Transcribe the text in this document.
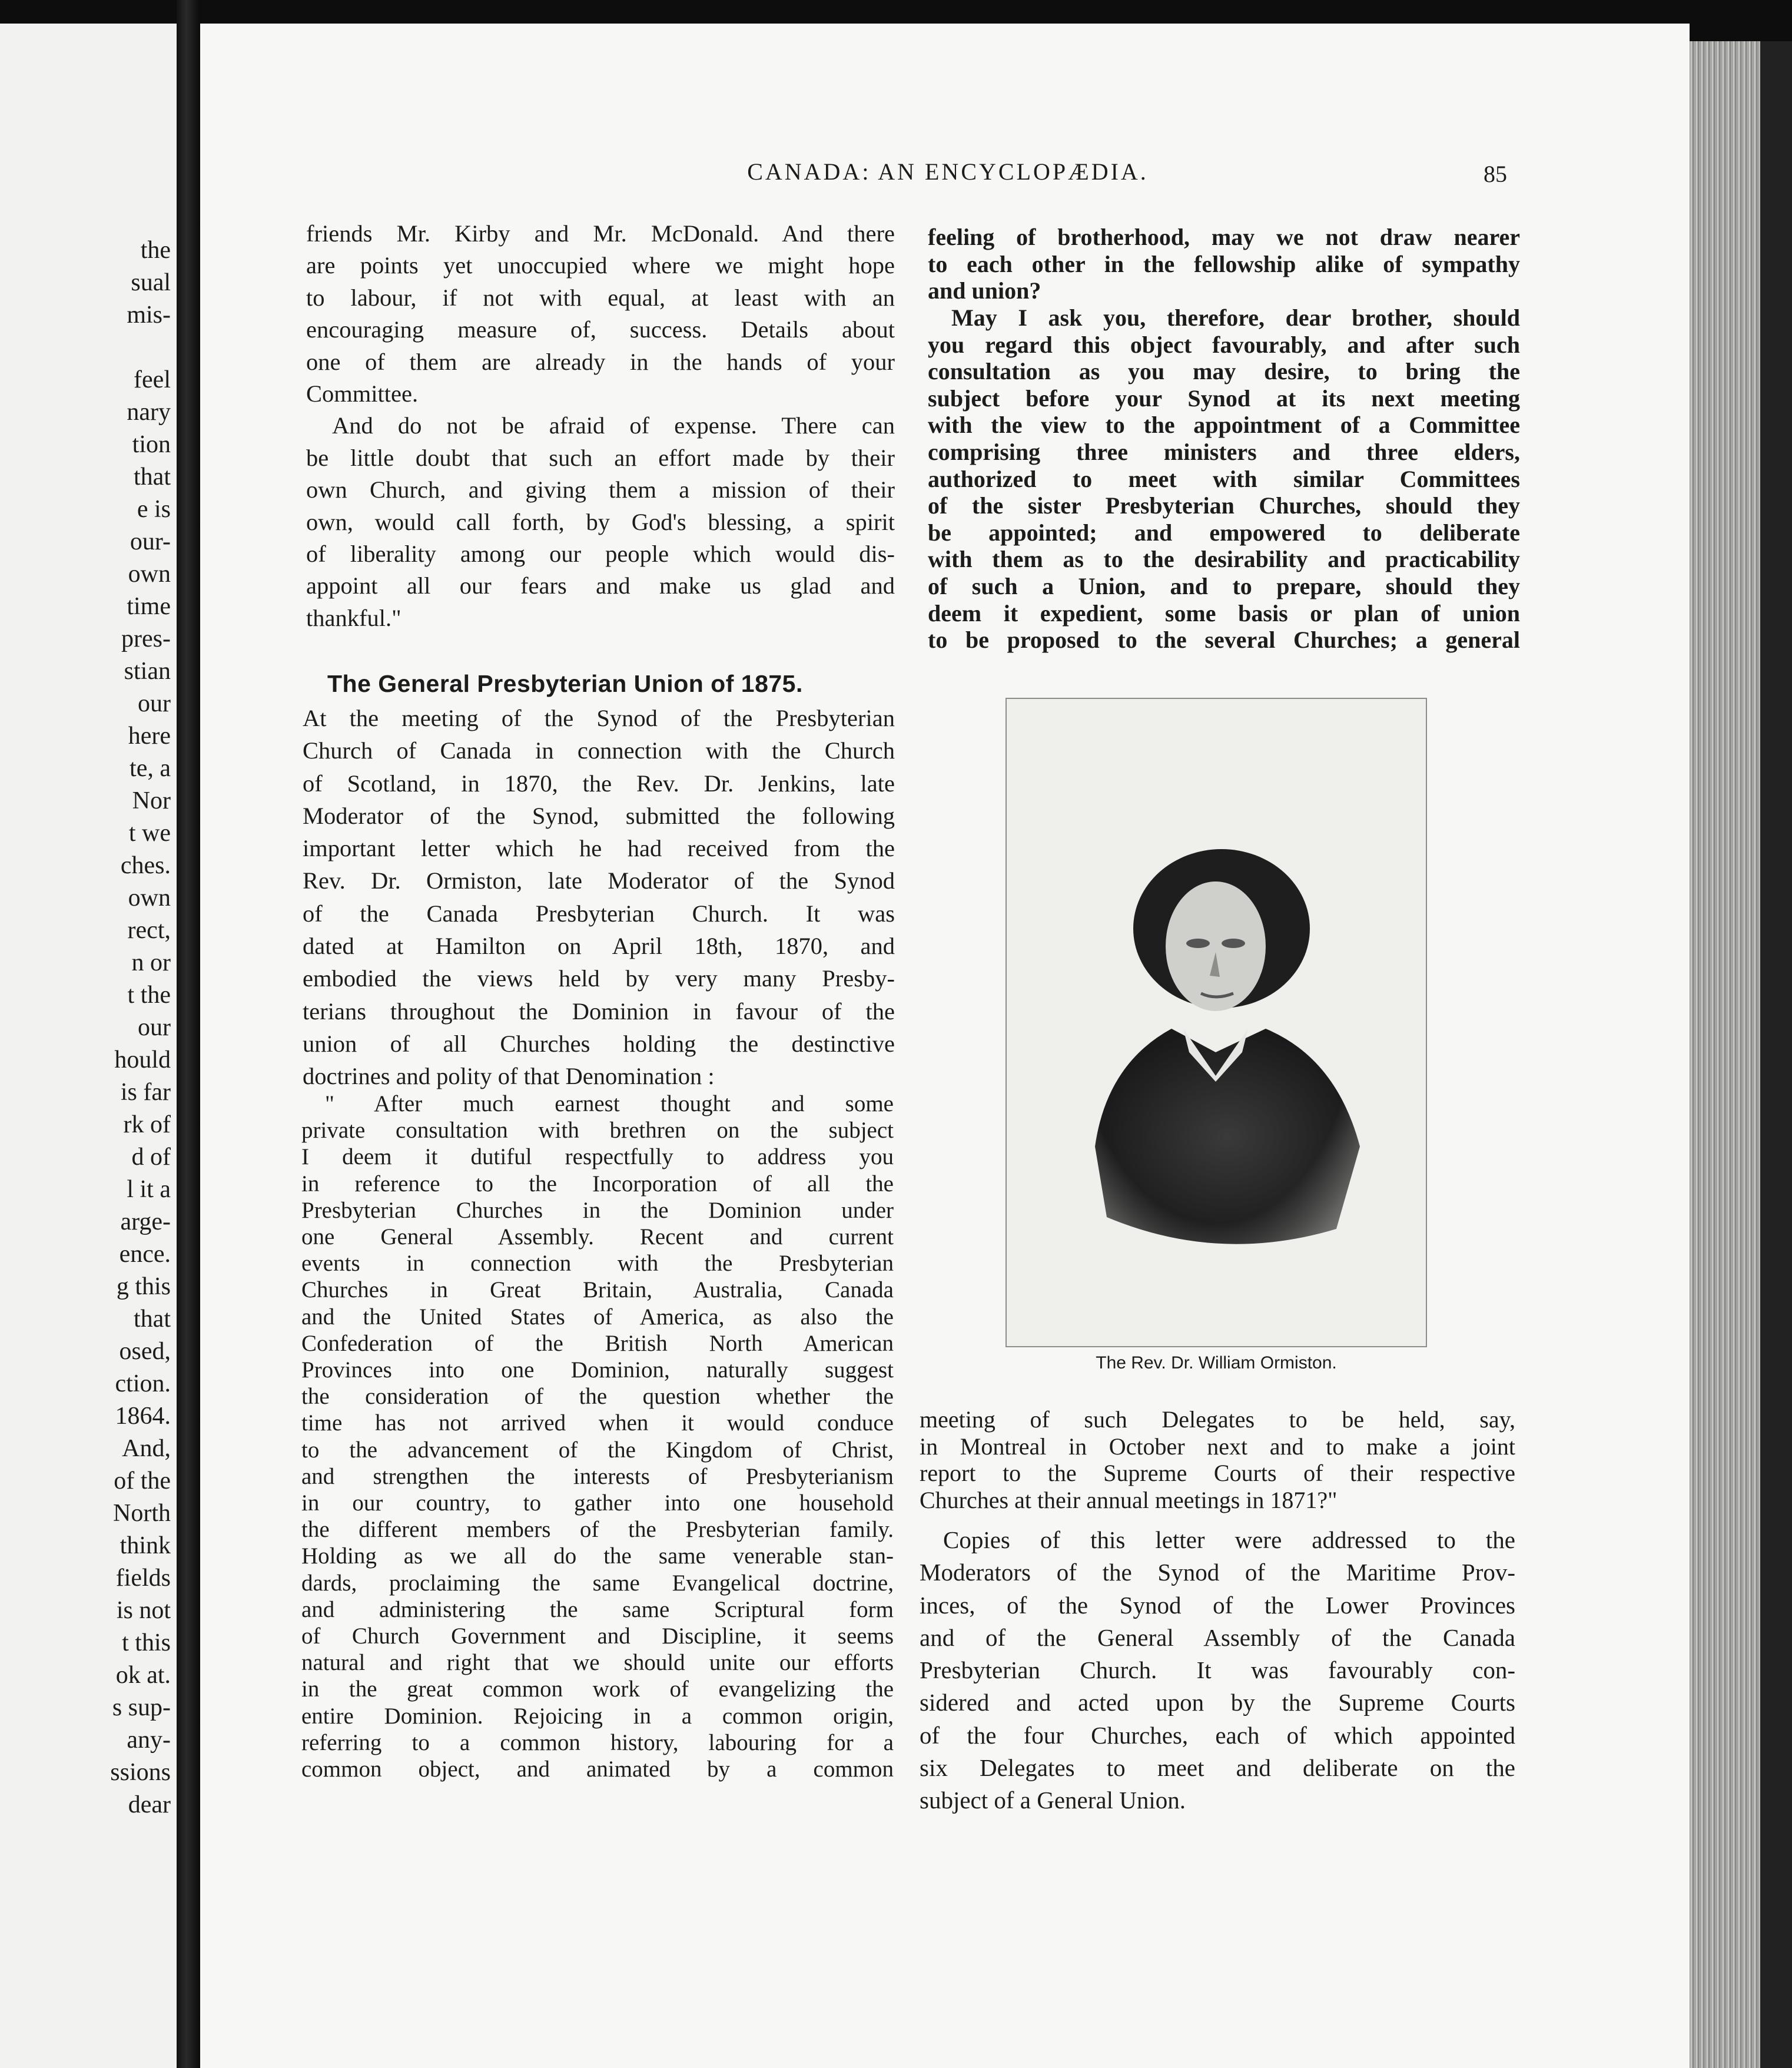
the
sual
mis-
feel
nary
tion
that
e is
our-
own
time
pres-
stian
our
here
te, a
Nor
t we
ches.
own
rect,
n or
t the
our
hould
is far
rk of
d of
l it a
arge-
ence.
g this
that
osed,
ction.
1864.
And,
of the
North
think
fields
is not
t this
ok at.
s sup-
any-
ssions
dear
CANADA: AN ENCYCLOPÆDIA.	85
friends Mr. Kirby and Mr. McDonald. And there
are points yet unoccupied where we might hope
to labour, if not with equal, at least with an
encouraging measure of, success. Details about
one of them are already in the hands of your
Committee.
And do not be afraid of expense. There can
be little doubt that such an effort made by their
own Church, and giving them a mission of their
own, would call forth, by God's blessing, a spirit
of liberality among our people which would dis-
appoint all our fears and make us glad and
thankful."
The General Presbyterian Union of 1875.
At the meeting of the Synod of the Presbyterian
Church of Canada in connection with the Church
of Scotland, in 1870, the Rev. Dr. Jenkins, late
Moderator of the Synod, submitted the following
important letter which he had received from the
Rev. Dr. Ormiston, late Moderator of the Synod
of the Canada Presbyterian Church. It was
dated at Hamilton on April 18th, 1870, and
embodied the views held by very many Presby-
terians throughout the Dominion in favour of the
union of all Churches holding the destinctive
doctrines and polity of that Denomination :
" After much earnest thought and some
private consultation with brethren on the subject
I deem it dutiful respectfully to address you
in reference to the Incorporation of all the
Presbyterian Churches in the Dominion under
one General Assembly. Recent and current
events in connection with the Presbyterian
Churches in Great Britain, Australia, Canada
and the United States of America, as also the
Confederation of the British North American
Provinces into one Dominion, naturally suggest
the consideration of the question whether the
time has not arrived when it would conduce
to the advancement of the Kingdom of Christ,
and strengthen the interests of Presbyterianism
in our country, to gather into one household
the different members of the Presbyterian family.
Holding as we all do the same venerable stan-
dards, proclaiming the same Evangelical doctrine,
and administering the same Scriptural form
of Church Government and Discipline, it seems
natural and right that we should unite our efforts
in the great common work of evangelizing the
entire Dominion. Rejoicing in a common origin,
referring to a common history, labouring for a
common object, and animated by a common
feeling of brotherhood, may we not draw nearer
to each other in the fellowship alike of sympathy
and union?
May I ask you, therefore, dear brother, should
you regard this object favourably, and after such
consultation as you may desire, to bring the
subject before your Synod at its next meeting
with the view to the appointment of a Committee
comprising three ministers and three elders,
authorized to meet with similar Committees
of the sister Presbyterian Churches, should they
be appointed; and empowered to deliberate
with them as to the desirability and practicability
of such a Union, and to prepare, should they
deem it expedient, some basis or plan of union
to be proposed to the several Churches; a general
The Rev. Dr. William Ormiston.
meeting of such Delegates to be held, say,
in Montreal in October next and to make a joint
report to the Supreme Courts of their respective
Churches at their annual meetings in 1871?"
Copies of this letter were addressed to the
Moderators of the Synod of the Maritime Prov-
inces, of the Synod of the Lower Provinces
and of the General Assembly of the Canada
Presbyterian Church. It was favourably con-
sidered and acted upon by the Supreme Courts
of the four Churches, each of which appointed
six Delegates to meet and deliberate on the
subject of a General Union.
